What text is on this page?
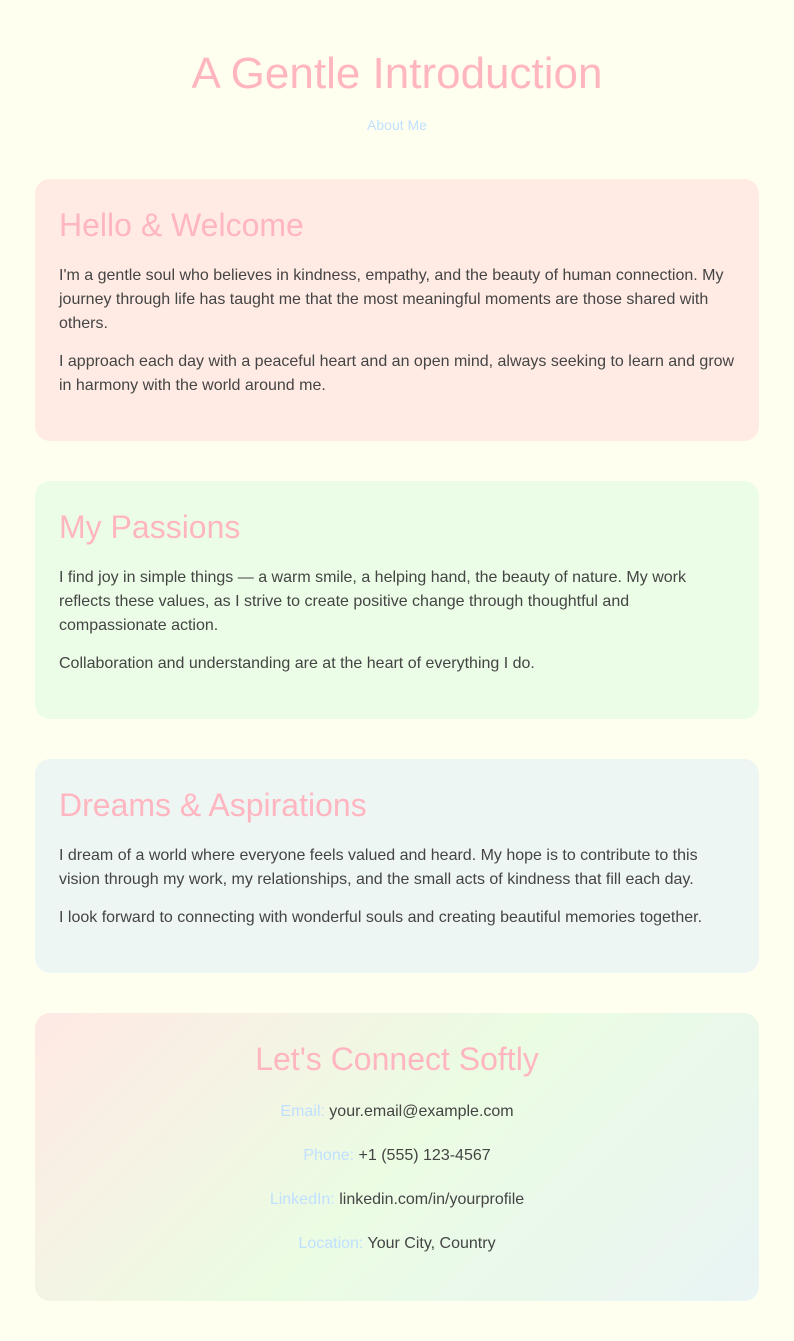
A Gentle Introduction
About Me
Hello & Welcome

I'm a gentle soul who believes in kindness, empathy, and the beauty of human connection. My journey through life has taught me that the most meaningful moments are those shared with others.

I approach each day with a peaceful heart and an open mind, always seeking to learn and grow in harmony with the world around me.

My Passions

I find joy in simple things — a warm smile, a helping hand, the beauty of nature. My work reflects these values, as I strive to create positive change through thoughtful and compassionate action.

Collaboration and understanding are at the heart of everything I do.

Dreams & Aspirations

I dream of a world where everyone feels valued and heard. My hope is to contribute to this vision through my work, my relationships, and the small acts of kindness that fill each day.

I look forward to connecting with wonderful souls and creating beautiful memories together.

Let's Connect Softly

Email: your.email@example.com

Phone: +1 (555) 123-4567

LinkedIn: linkedin.com/in/yourprofile

Location: Your City, Country
